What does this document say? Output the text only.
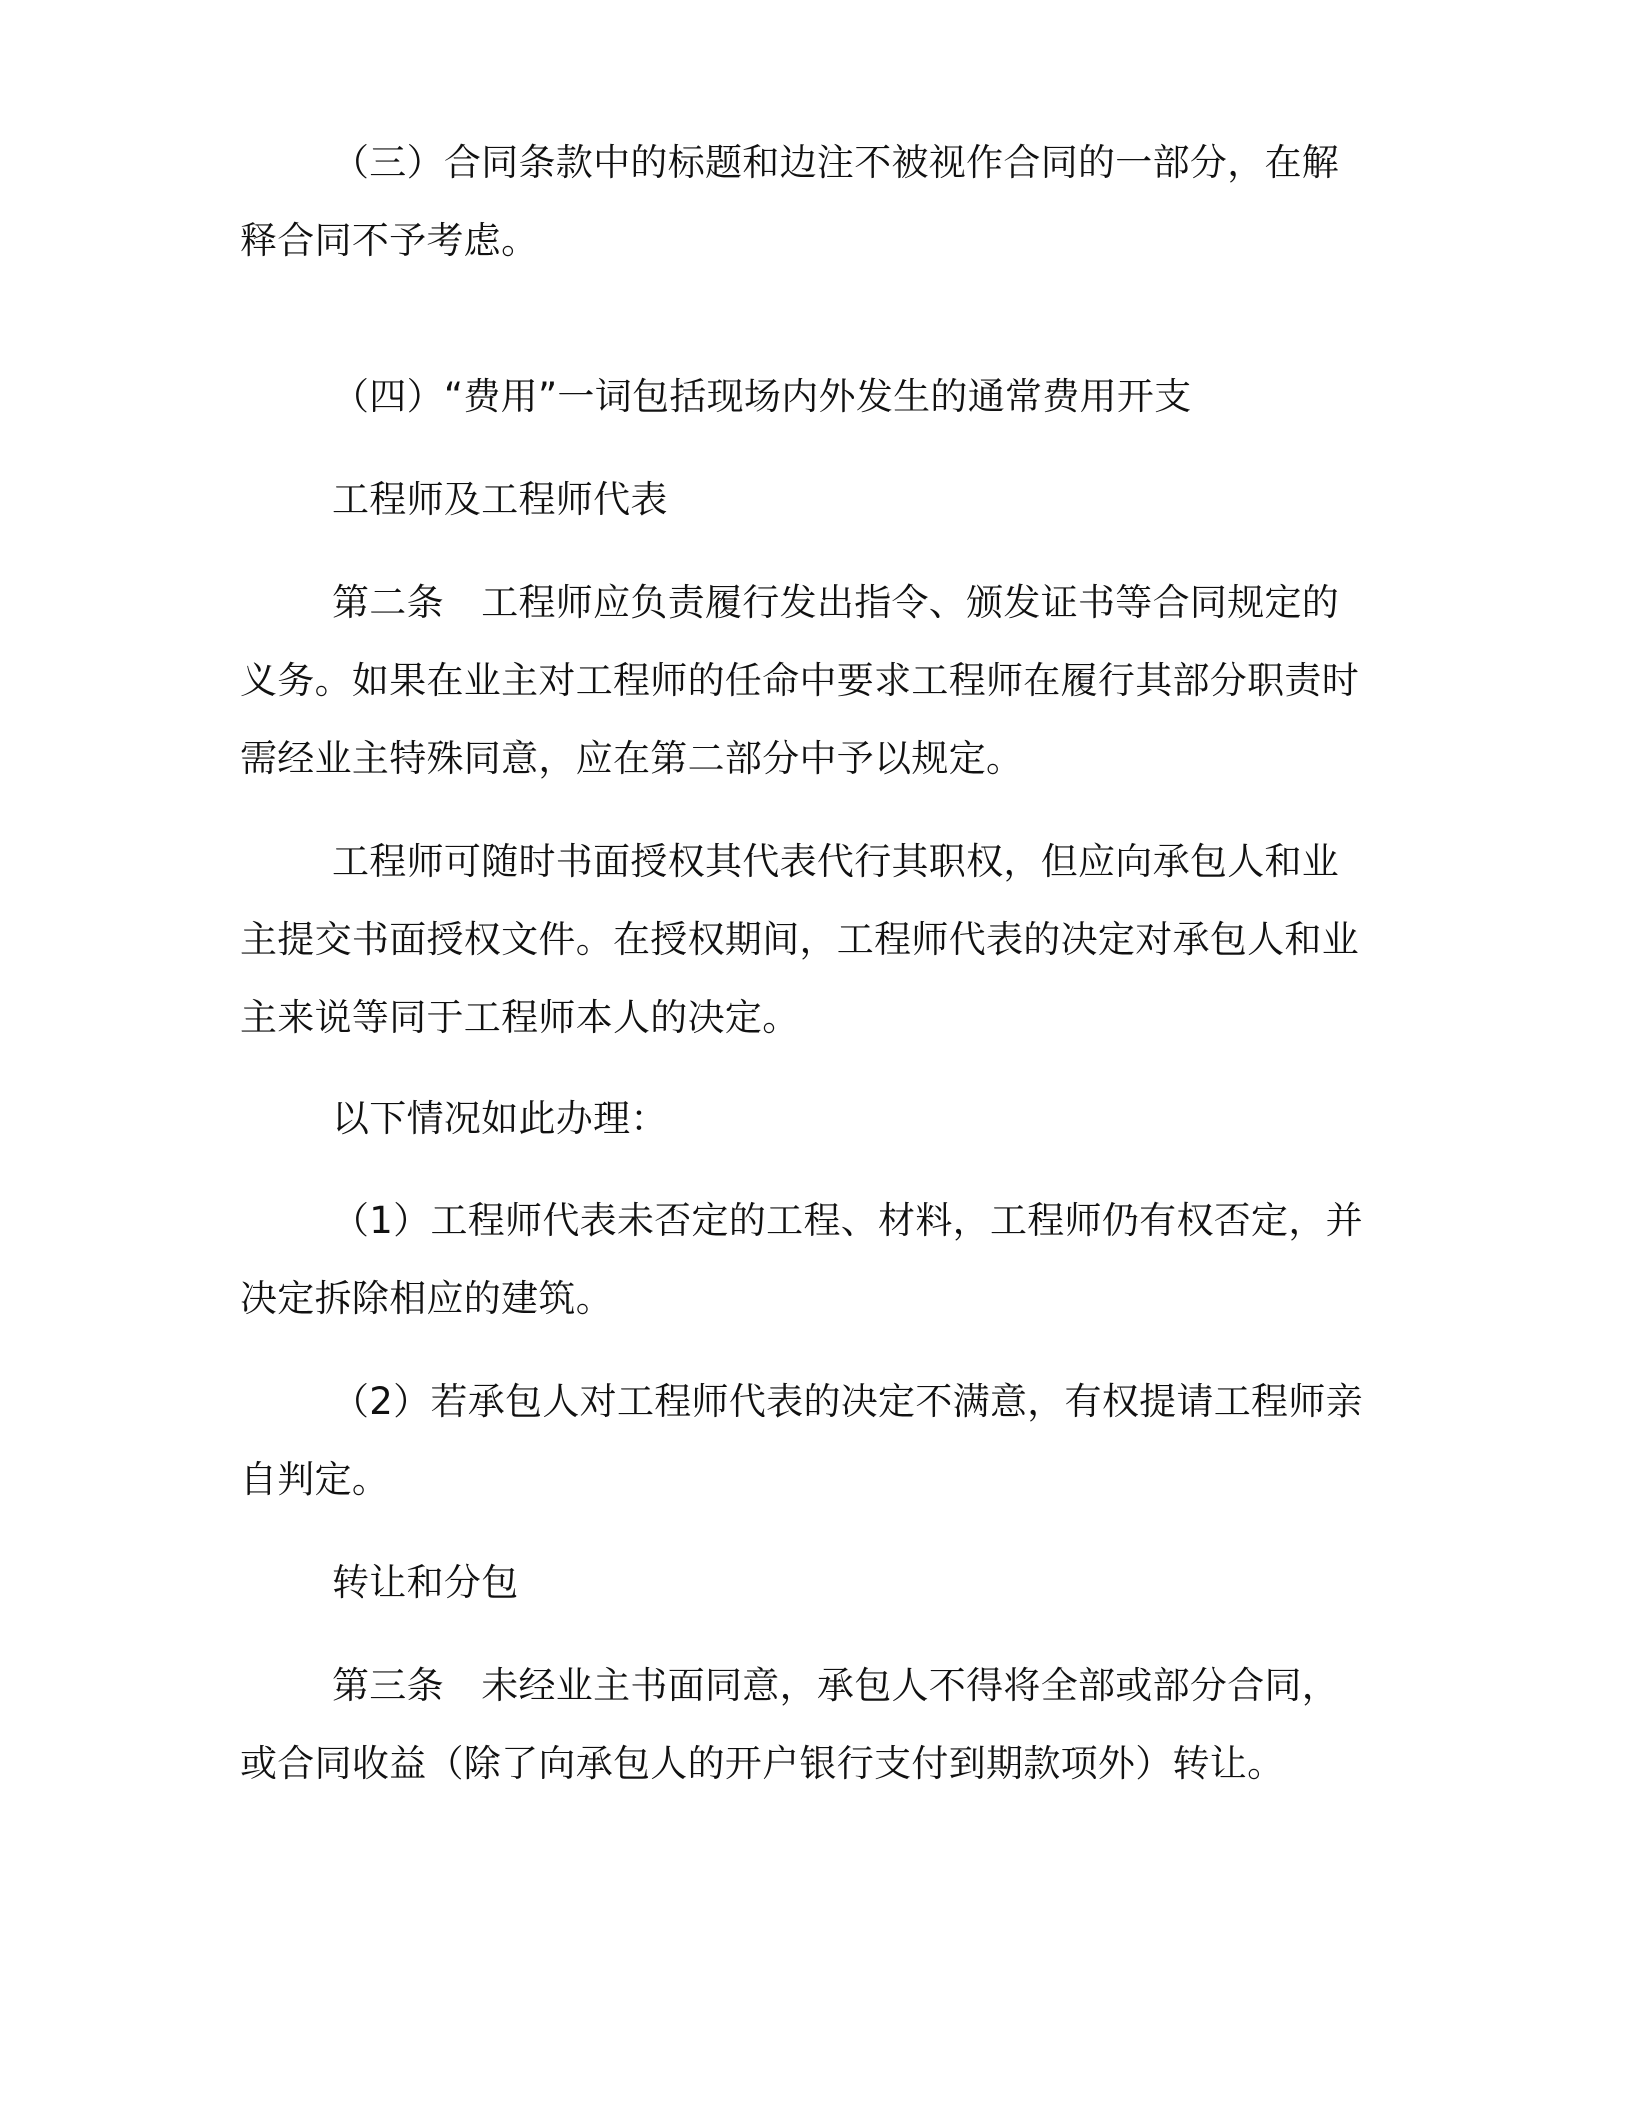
（三）合同条款中的标题和边注不被视作合同的一部分，在解释合同不予考虑。

（四）“费用”一词包括现场内外发生的通常费用开支

工程师及工程师代表

第二条　工程师应负责履行发出指令、颁发证书等合同规定的义务。如果在业主对工程师的任命中要求工程师在履行其部分职责时需经业主特殊同意，应在第二部分中予以规定。

工程师可随时书面授权其代表代行其职权，但应向承包人和业主提交书面授权文件。在授权期间，工程师代表的决定对承包人和业主来说等同于工程师本人的决定。

以下情况如此办理：

（1）工程师代表未否定的工程、材料，工程师仍有权否定，并决定拆除相应的建筑。

（2）若承包人对工程师代表的决定不满意，有权提请工程师亲自判定。

转让和分包

第三条　未经业主书面同意，承包人不得将全部或部分合同，或合同收益（除了向承包人的开户银行支付到期款项外）转让。
